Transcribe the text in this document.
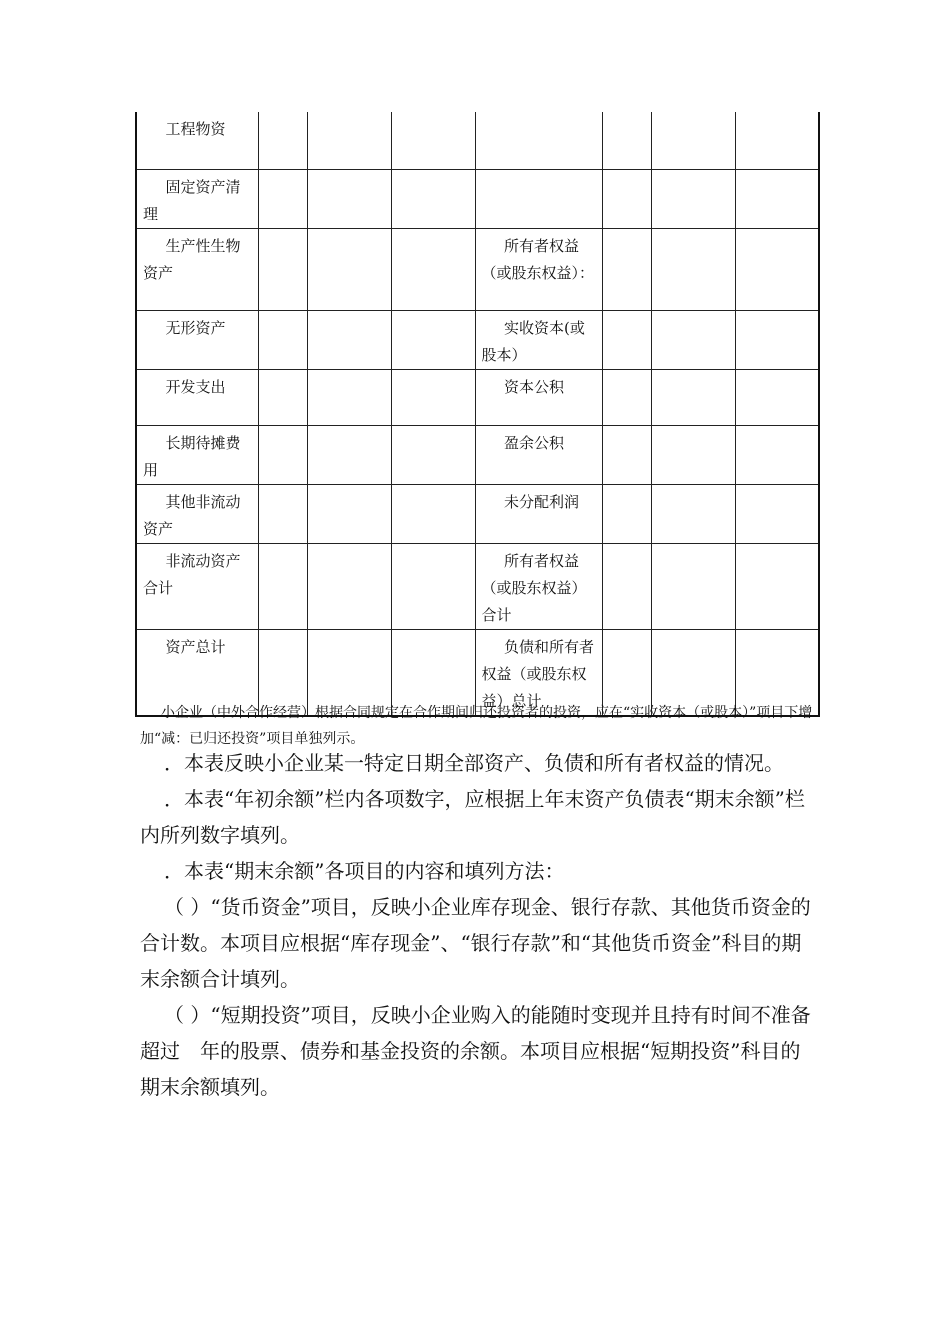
工程物资							
固定资产清理							
生产性生物资产				所有者权益（或股东权益）：			
无形资产				实收资本(或股本）			
开发支出				资本公积			
长期待摊费用				盈余公积			
其他非流动资产				未分配利润			
非流动资产合计				所有者权益（或股东权益）合计			
资产总计				负债和所有者权益（或股东权益）总计			
小企业（中外合作经营）根据合同规定在合作期间归还投资者的投资，应在“实收资本（或股本）”项目下增加“减：已归还投资”项目单独列示。

．本表反映小企业某一特定日期全部资产、负债和所有者权益的情况。

．本表“年初余额”栏内各项数字，应根据上年末资产负债表“期末余额”栏内所列数字填列。

．本表“期末余额”各项目的内容和填列方法：

（ ）“货币资金”项目，反映小企业库存现金、银行存款、其他货币资金的合计数。本项目应根据“库存现金”、“银行存款”和“其他货币资金”科目的期末余额合计填列。

（ ）“短期投资”项目，反映小企业购入的能随时变现并且持有时间不准备超过　年的股票、债券和基金投资的余额。本项目应根据“短期投资”科目的期末余额填列。
